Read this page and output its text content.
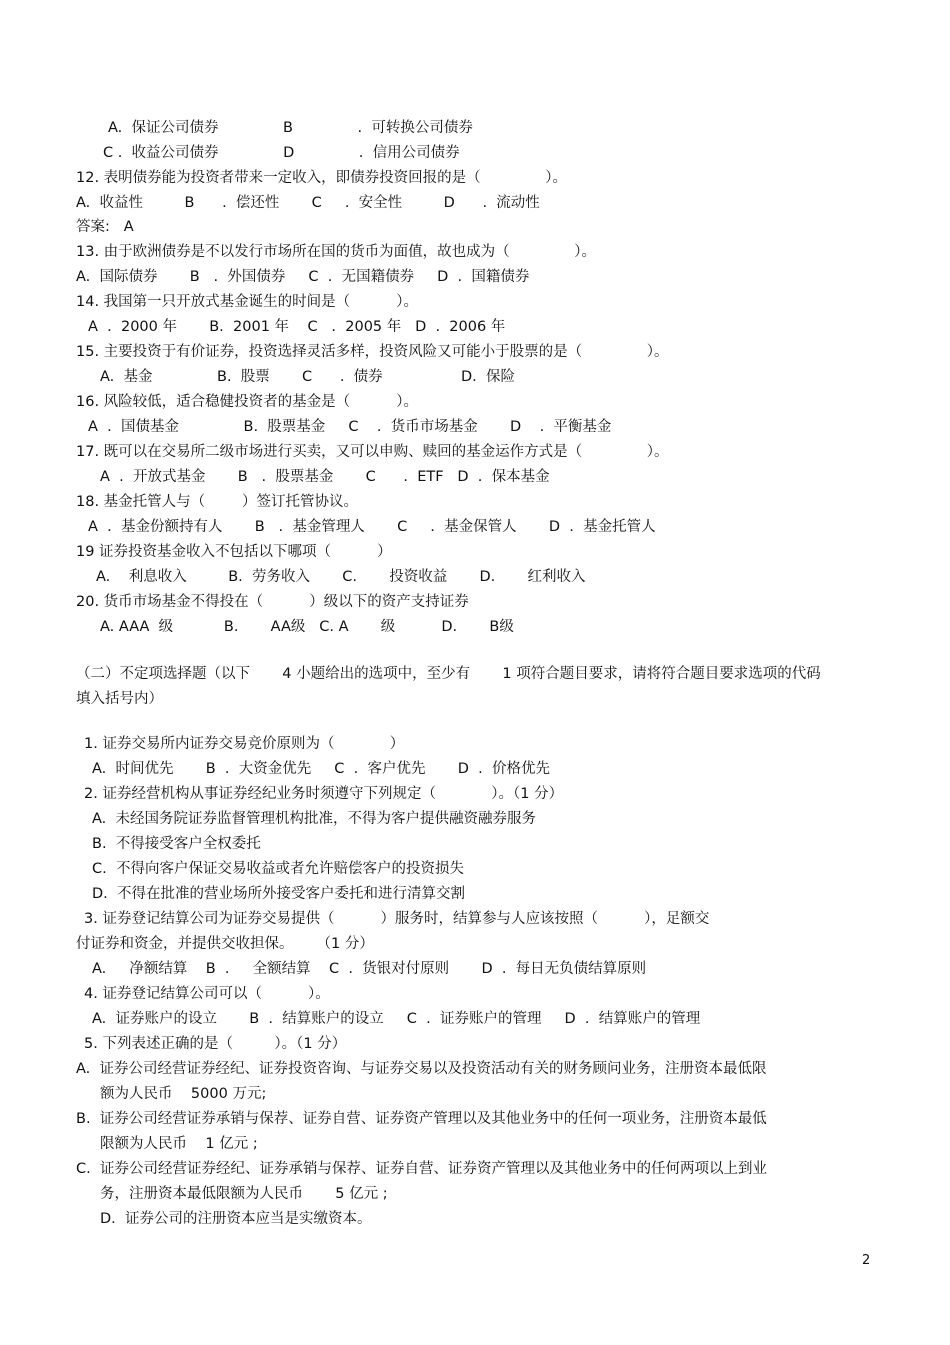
A.  保证公司债券              B              .  可转换公司债券
C .  收益公司债券              D              .  信用公司债券
12. 表明债券能为投资者带来一定收入，即债券投资回报的是（              ）。
A.  收益性         B      .  偿还性       C     .  安全性         D      .  流动性
答案:   A
13. 由于欧洲债券是不以发行市场所在国的货币为面值，故也成为（              ）。
A.  国际债券       B   .  外国债券     C  .  无国籍债券     D  .  国籍债券
14. 我国第一只开放式基金诞生的时间是（          ）。
A  .  2000 年       B.  2001 年    C   .  2005 年   D  .  2006 年
15. 主要投资于有价证券，投资选择灵活多样，投资风险又可能小于股票的是（              ）。
A.  基金              B.  股票       C      .  债券                 D.  保险
16. 风险较低，适合稳健投资者的基金是（          ）。
A  .  国债基金              B.  股票基金     C    .  货币市场基金       D    .  平衡基金
17. 既可以在交易所二级市场进行买卖，又可以申购、赎回的基金运作方式是（              ）。
A  .  开放式基金       B   .  股票基金       C      .  ETF   D  .  保本基金
18. 基金托管人与（        ）签订托管协议。
A  .  基金份额持有人       B   .  基金管理人       C     .  基金保管人       D  .  基金托管人
19 证券投资基金收入不包括以下哪项（          ）
A.    利息收入         B.  劳务收入       C.       投资收益       D.       红利收入
20. 货币市场基金不得投在（          ）级以下的资产支持证券
A. AAA  级           B.       AA级   C. A       级          D.       B级
（二）不定项选择题（以下       4 小题给出的选项中，至少有       1 项符合题目要求，请将符合题目要求选项的代码
填入括号内）
1. 证券交易所内证券交易竞价原则为（            ）
A.  时间优先       B  .  大资金优先     C  .  客户优先       D  .  价格优先
2. 证券经营机构从事证券经纪业务时须遵守下列规定（            ）。（1 分）
A.  未经国务院证券监督管理机构批准，不得为客户提供融资融券服务
B.  不得接受客户全权委托
C.  不得向客户保证交易收益或者允许赔偿客户的投资损失
D.  不得在批准的营业场所外接受客户委托和进行清算交割
3. 证券登记结算公司为证券交易提供（          ）服务时，结算参与人应该按照（          ），足额交
付证券和资金，并提供交收担保。     （1 分）
A.     净额结算    B  .     全额结算    C  .  货银对付原则       D  .  每日无负债结算原则
4. 证券登记结算公司可以（          ）。
A.  证券账户的设立       B  .  结算账户的设立     C  .  证券账户的管理     D  .  结算账户的管理
5. 下列表述正确的是（         ）。（1 分）
A.  证券公司经营证券经纪、证券投资咨询、与证券交易以及投资活动有关的财务顾问业务，注册资本最低限
额为人民币    5000 万元;
B.  证券公司经营证券承销与保荐、证券自营、证券资产管理以及其他业务中的任何一项业务，注册资本最低
限额为人民币    1 亿元 ;
C.  证券公司经营证券经纪、证券承销与保荐、证券自营、证券资产管理以及其他业务中的任何两项以上到业
务，注册资本最低限额为人民币       5 亿元 ;
D.  证券公司的注册资本应当是实缴资本。
2
